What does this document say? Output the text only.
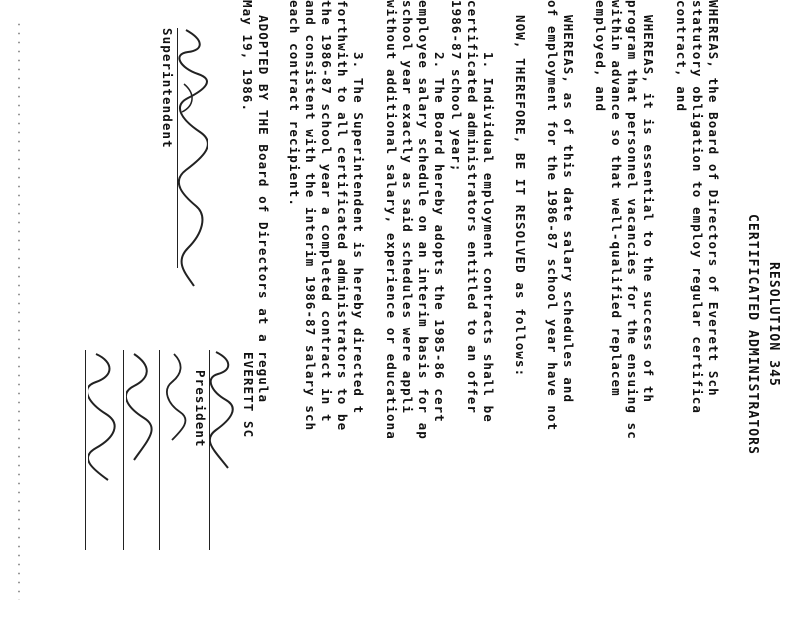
RESOLUTION 345
CERTIFICATED ADMINISTRATORS
WHEREAS, the Board of Directors of Everett Sch
statutory obligation to employ regular certifica
contract, and
WHEREAS, it is essential to the success of th
program that personnel vacancies for the ensuing sc
within advance so that well-qualified replacem
employed, and
WHEREAS, as of this date salary schedules and
of employment for the 1986-87 school year have not
NOW, THEREFORE, BE IT RESOLVED as follows:
1. Individual employment contracts shall be
certificated administrators entitled to an offer
1986-87 school year;
2. The Board hereby adopts the 1985-86 cert
employee salary schedule on an interim basis for ap
school year exactly as said schedules were appli
without additional salary, experience or educationa
3. The Superintendent is hereby directed t
forthwith to all certificated administrators to be
the 1986-87 school year a completed contract in t
and consistent with the interim 1986-87 salary sch
each contract recipient.
ADOPTED BY THE Board of Directors at a regula
May 19, 1986.
Superintendent
EVERETT SC
President
